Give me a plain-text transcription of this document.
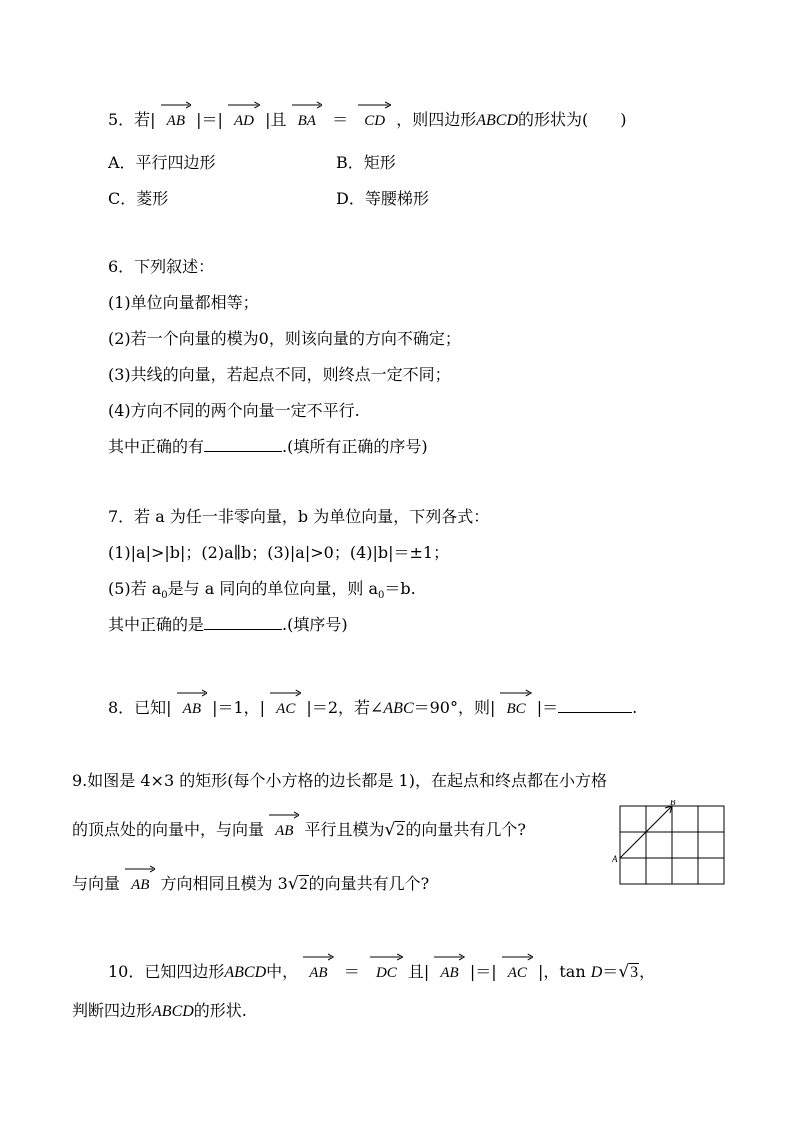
5．若| AB |＝| AD |且 BA ＝ CD ，则四边形ABCD的形状为(　　)
A．平行四边形	B．矩形
C．菱形	D．等腰梯形
6．下列叙述：
(1)单位向量都相等；
(2)若一个向量的模为0，则该向量的方向不确定；
(3)共线的向量，若起点不同，则终点一定不同；
(4)方向不同的两个向量一定不平行.
其中正确的有	.(填所有正确的序号)
7．若 a 为任一非零向量，b 为单位向量，下列各式：
(1)|a|>|b|；(2)a∥b；(3)|a|>0；(4)|b|＝±1；
(5)若 $a_0$是与 a 同向的单位向量，则 $a_0=b$.
其中正确的是	.(填序号)
8．已知| AB |＝1，| AC |＝2，若∠ABC＝90°，则| BC |＝	.
9.如图是 4×3 的矩形(每个小方格的边长都是 1)，在起点和终点都在小方格
的顶点处的向量中，与向量 AB 平行且模为√2的向量共有几个?
与向量 AB 方向相同且模为 3√2的向量共有几个?
A
B
10．已知四边形ABCD中， AB ＝ DC 且| AB |＝| AC |，tan D＝√3，
判断四边形ABCD的形状.
